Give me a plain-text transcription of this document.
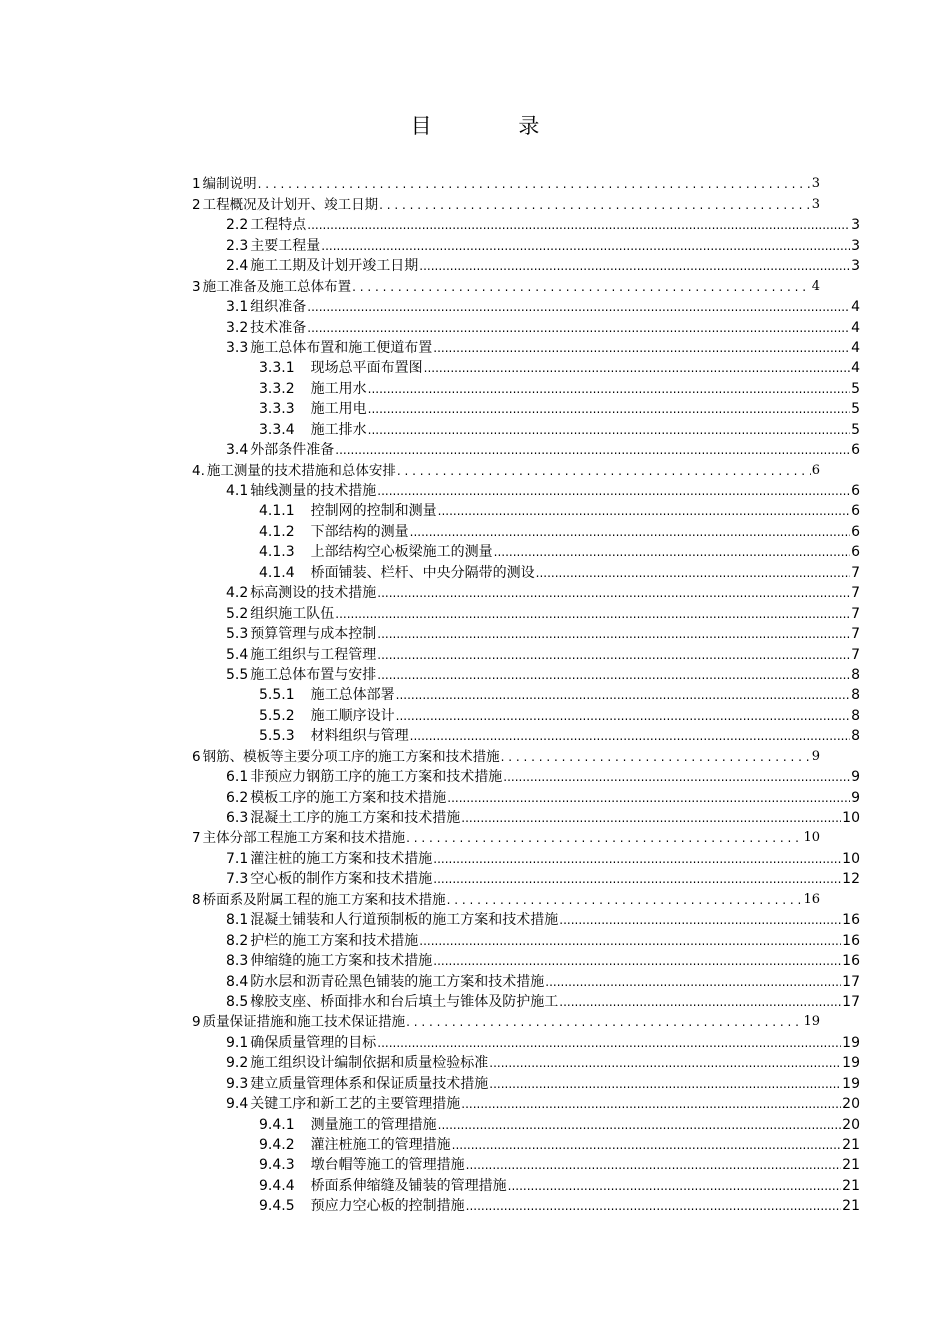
目 录
1 编制说明 . . .	3
2 工程概况及计划开、竣工日期 . . .	3
2.2 工程特点 .....	3
2.3 主要工程量 .....	3
2.4 施工工期及计划开竣工日期 .....	3
3 施工准备及施工总体布置 . . .	4
3.1 组织准备 .....	4
3.2 技术准备 .....	4
3.3 施工总体布置和施工便道布置 .....	4
3.3.1 现场总平面布置图 .....	4
3.3.2 施工用水 .....	5
3.3.3 施工用电 .....	5
3.3.4 施工排水 .....	5
3.4 外部条件准备 .....	6
4. 施工测量的技术措施和总体安排 . . .	6
4.1 轴线测量的技术措施 .....	6
4.1.1 控制网的控制和测量 .....	6
4.1.2 下部结构的测量 .....	6
4.1.3 上部结构空心板梁施工的测量 .....	6
4.1.4 桥面铺装、栏杆、中央分隔带的测设 .....	7
4.2 标高测设的技术措施 .....	7
5.2 组织施工队伍 .....	7
5.3 预算管理与成本控制 .....	7
5.4 施工组织与工程管理 .....	7
5.5 施工总体布置与安排 .....	8
5.5.1 施工总体部署 .....	8
5.5.2 施工顺序设计 .....	8
5.5.3 材料组织与管理 .....	8
6 钢筋、模板等主要分项工序的施工方案和技术措施 . . .	9
6.1 非预应力钢筋工序的施工方案和技术措施 .....	9
6.2 模板工序的施工方案和技术措施 .....	9
6.3 混凝土工序的施工方案和技术措施 .....	10
7 主体分部工程施工方案和技术措施 . . .	10
7.1 灌注桩的施工方案和技术措施 .....	10
7.3 空心板的制作方案和技术措施 .....	12
8 桥面系及附属工程的施工方案和技术措施 . . .	16
8.1 混凝土铺装和人行道预制板的施工方案和技术措施 .....	16
8.2 护栏的施工方案和技术措施 .....	16
8.3 伸缩缝的施工方案和技术措施 .....	16
8.4 防水层和沥青砼黑色铺装的施工方案和技术措施 .....	17
8.5 橡胶支座、桥面排水和台后填土与锥体及防护施工 .....	17
9 质量保证措施和施工技术保证措施 . . .	19
9.1 确保质量管理的目标 .....	19
9.2 施工组织设计编制依据和质量检验标准 .....	19
9.3 建立质量管理体系和保证质量技术措施 .....	19
9.4 关键工序和新工艺的主要管理措施 .....	20
9.4.1 测量施工的管理措施 .....	20
9.4.2 灌注桩施工的管理措施 .....	21
9.4.3 墩台帽等施工的管理措施 .....	21
9.4.4 桥面系伸缩缝及铺装的管理措施 .....	21
9.4.5 预应力空心板的控制措施 .....	21
